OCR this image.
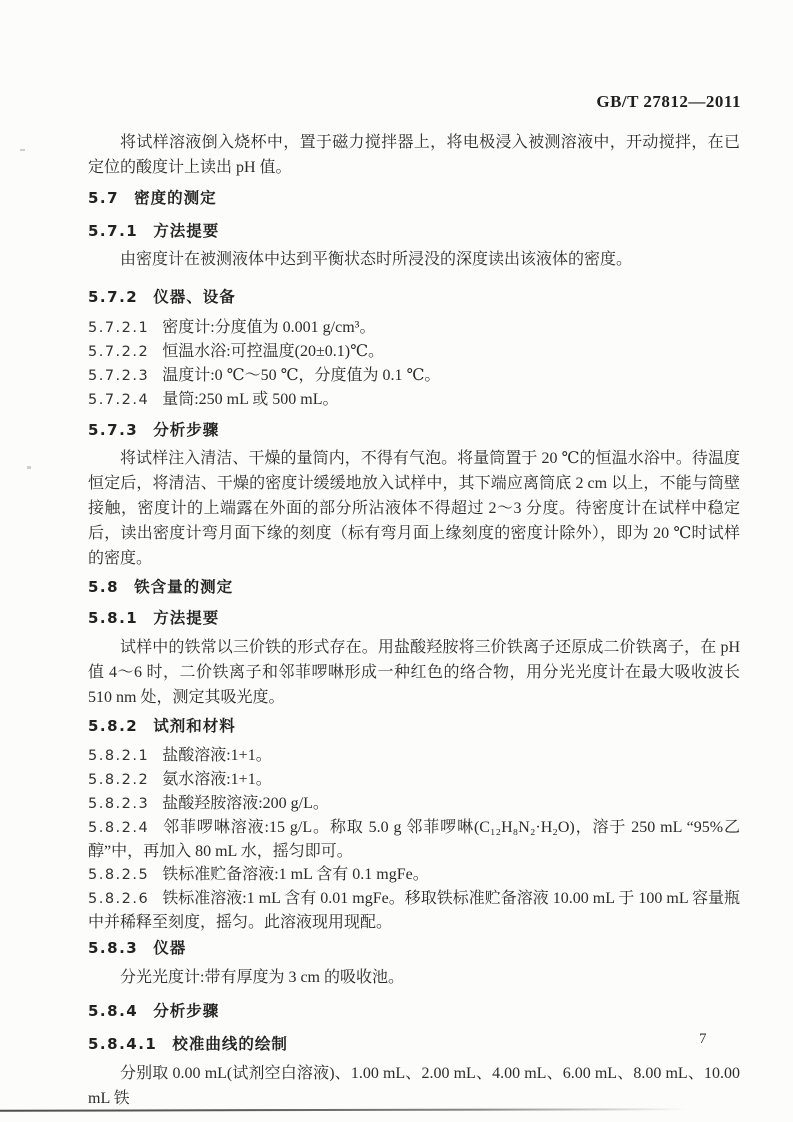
GB/T 27812—2011

将试样溶液倒入烧杯中，置于磁力搅拌器上，将电极浸入被测溶液中，开动搅拌，在已定位的酸度计上读出 pH 值。

5.7 密度的测定

5.7.1 方法提要

由密度计在被测液体中达到平衡状态时所浸没的深度读出该液体的密度。

5.7.2 仪器、设备

5.7.2.1 密度计:分度值为 0.001 g/cm³。

5.7.2.2 恒温水浴:可控温度(20±0.1)℃。

5.7.2.3 温度计:0 ℃～50 ℃，分度值为 0.1 ℃。

5.7.2.4 量筒:250 mL 或 500 mL。

5.7.3 分析步骤

将试样注入清洁、干燥的量筒内，不得有气泡。将量筒置于 20 ℃的恒温水浴中。待温度恒定后，将清洁、干燥的密度计缓缓地放入试样中，其下端应离筒底 2 cm 以上，不能与筒壁接触，密度计的上端露在外面的部分所沾液体不得超过 2～3 分度。待密度计在试样中稳定后，读出密度计弯月面下缘的刻度（标有弯月面上缘刻度的密度计除外），即为 20 ℃时试样的密度。

5.8 铁含量的测定

5.8.1 方法提要

试样中的铁常以三价铁的形式存在。用盐酸羟胺将三价铁离子还原成二价铁离子，在 pH 值 4～6 时，二价铁离子和邻菲啰啉形成一种红色的络合物，用分光光度计在最大吸收波长 510 nm 处，测定其吸光度。

5.8.2 试剂和材料

5.8.2.1 盐酸溶液:1+1。

5.8.2.2 氨水溶液:1+1。

5.8.2.3 盐酸羟胺溶液:200 g/L。

5.8.2.4 邻菲啰啉溶液:15 g/L。称取 5.0 g 邻菲啰啉(C₁₂H₈N₂·H₂O)，溶于 250 mL “95%乙醇”中，再加入 80 mL 水，摇匀即可。

5.8.2.5 铁标准贮备溶液:1 mL 含有 0.1 mgFe。

5.8.2.6 铁标准溶液:1 mL 含有 0.01 mgFe。移取铁标准贮备溶液 10.00 mL 于 100 mL 容量瓶中并稀释至刻度，摇匀。此溶液现用现配。

5.8.3 仪器

分光光度计:带有厚度为 3 cm 的吸收池。

5.8.4 分析步骤

5.8.4.1 校准曲线的绘制

分别取 0.00 mL(试剂空白溶液)、1.00 mL、2.00 mL、4.00 mL、6.00 mL、8.00 mL、10.00 mL 铁

7
